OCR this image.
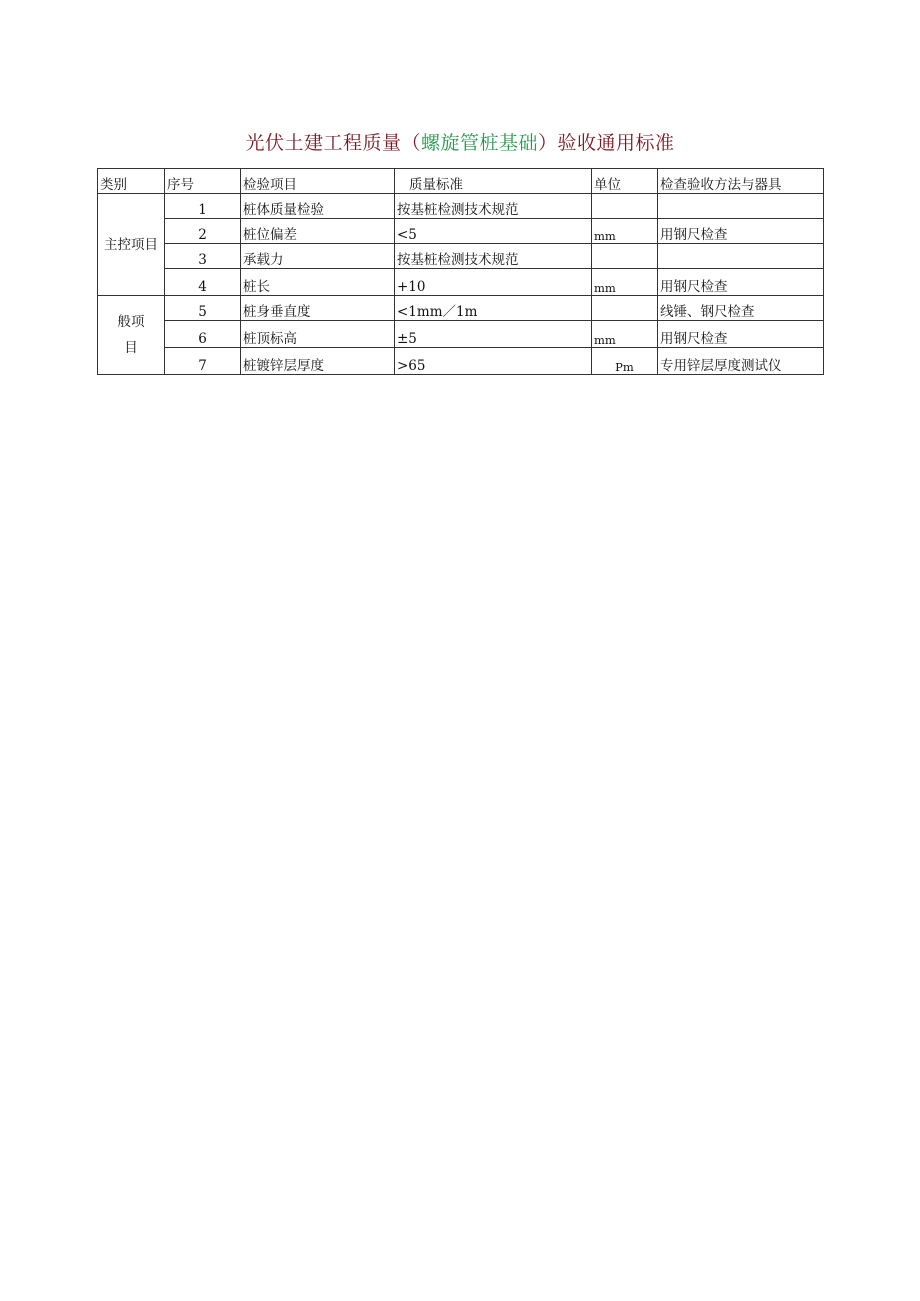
光伏土建工程质量（螺旋管桩基础）验收通用标准
类别	序号	检验项目	质量标准	单位	检查验收方法与器具
主控项目	1	桩体质量检验	按基桩检测技术规范		
	2	桩位偏差	<5	mm	用钢尺检查
	3	承载力	按基桩检测技术规范		
	4	桩长	+10	mm	用钢尺检查
般项
目	5	桩身垂直度	<1mm／1m		线锤、钢尺检查
	6	桩顶标高	±5	mm	用钢尺检查
	7	桩镀锌层厚度	>65	Pm	专用锌层厚度测试仪
